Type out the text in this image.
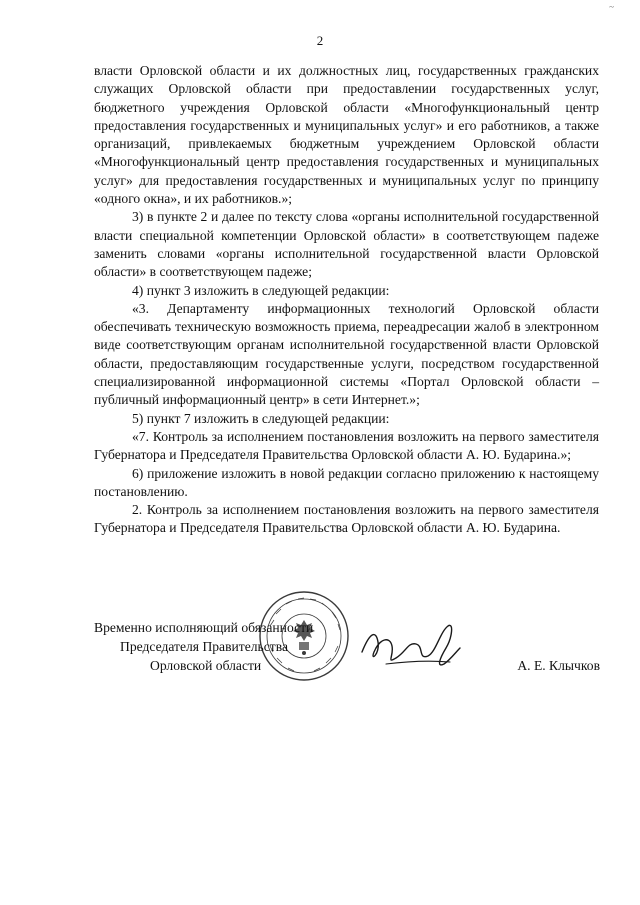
~
2

власти Орловской области и их должностных лиц, государственных гражданских служащих Орловской области при предоставлении государственных услуг, бюджетного учреждения Орловской области «Многофункциональный центр предоставления государственных и муниципальных услуг» и его работников, а также организаций, привлекаемых бюджетным учреждением Орловской области «Многофункциональный центр предоставления государственных и муниципальных услуг» для предоставления государственных и муниципальных услуг по принципу «одного окна», и их работников.»;

3) в пункте 2 и далее по тексту слова «органы исполнительной государственной власти специальной компетенции Орловской области» в соответствующем падеже заменить словами «органы исполнительной государственной власти Орловской области» в соответствующем падеже;

4) пункт 3 изложить в следующей редакции:

«3. Департаменту информационных технологий Орловской области обеспечивать техническую возможность приема, переадресации жалоб в электронном виде соответствующим органам исполнительной государственной власти Орловской области, предоставляющим государственные услуги, посредством государственной специализированной информационной системы «Портал Орловской области – публичный информационный центр» в сети Интернет.»;

5) пункт 7 изложить в следующей редакции:

«7. Контроль за исполнением постановления возложить на первого заместителя Губернатора и Председателя Правительства Орловской области А. Ю. Бударина.»;

6) приложение изложить в новой редакции согласно приложению к настоящему постановлению.

2. Контроль за исполнением постановления возложить на первого заместителя Губернатора и Председателя Правительства Орловской области А. Ю. Бударина.

Временно исполняющий обязанности
Председателя Правительства
Орловской области	А. Е. Клычков
